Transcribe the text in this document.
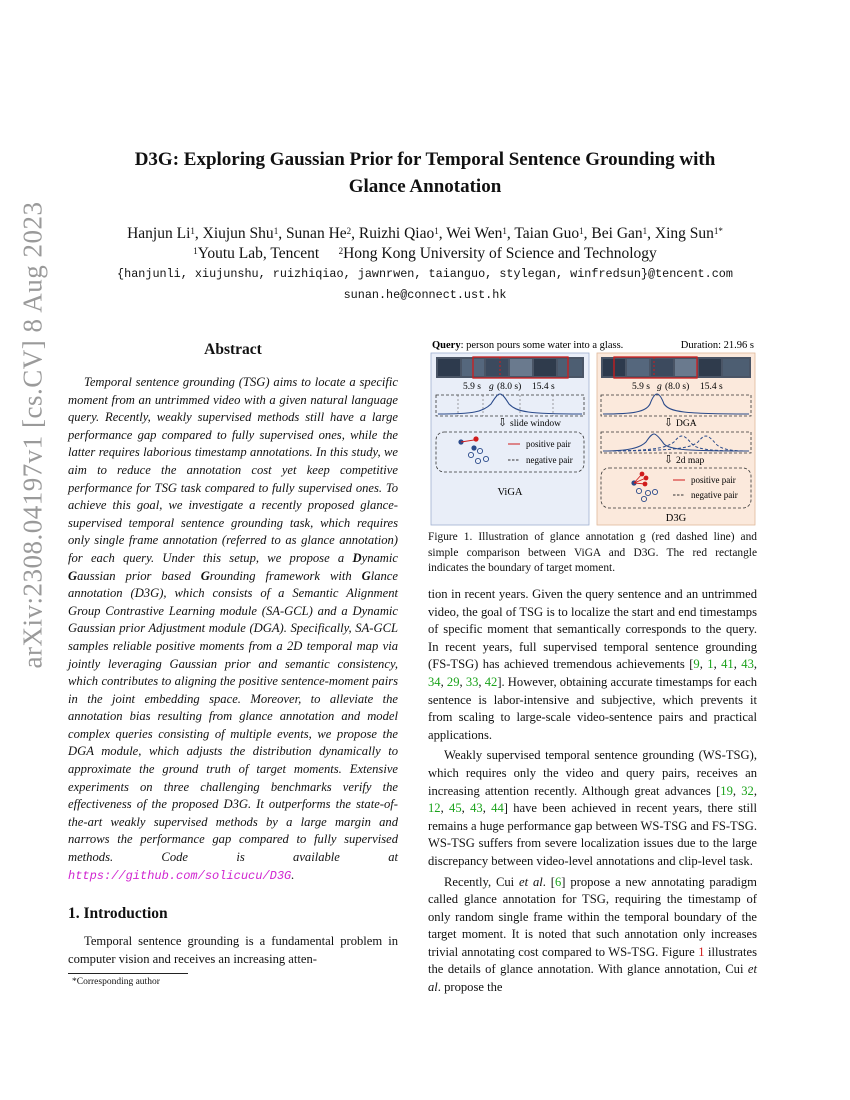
arXiv:2308.04197v1 [cs.CV] 8 Aug 2023
D3G: Exploring Gaussian Prior for Temporal Sentence Grounding with
Glance Annotation
Hanjun Li$^1$, Xiujun Shu$^1$, Sunan He$^2$, Ruizhi Qiao$^1$, Wei Wen$^1$, Taian Guo$^1$, Bei Gan$^1$, Xing Sun$^{1*}$
$^1$Youtu Lab, Tencent $^2$Hong Kong University of Science and Technology
{hanjunli, xiujunshu, ruizhiqiao, jawnrwen, taianguo, stylegan, winfredsun}@tencent.com
sunan.he@connect.ust.hk
Abstract
Temporal sentence grounding (TSG) aims to locate a specific moment from an untrimmed video with a given natural language query. Recently, weakly supervised methods still have a large performance gap compared to fully supervised ones, while the latter requires laborious timestamp annotations. In this study, we aim to reduce the annotation cost yet keep competitive performance for TSG task compared to fully supervised ones. To achieve this goal, we investigate a recently proposed glance-supervised temporal sentence grounding task, which requires only single frame annotation (referred to as glance annotation) for each query. Under this setup, we propose a Dynamic Gaussian prior based Grounding framework with Glance annotation (D3G), which consists of a Semantic Alignment Group Contrastive Learning module (SA-GCL) and a Dynamic Gaussian prior Adjustment module (DGA). Specifically, SA-GCL samples reliable positive moments from a 2D temporal map via jointly leveraging Gaussian prior and semantic consistency, which contributes to aligning the positive sentence-moment pairs in the joint embedding space. Moreover, to alleviate the annotation bias resulting from glance annotation and model complex queries consisting of multiple events, we propose the DGA module, which adjusts the distribution dynamically to approximate the ground truth of target moments. Extensive experiments on three challenging benchmarks verify the effectiveness of the proposed D3G. It outperforms the state-of-the-art weakly supervised methods by a large margin and narrows the performance gap compared to fully supervised methods. Code is available at https://github.com/solicucu/D3G.
1. Introduction
Temporal sentence grounding is a fundamental problem in computer vision and receives an increasing atten-
*Corresponding author
Query: person pours some water into a glass.	Duration: 21.96 s
5.9 s g (8.0 s) 15.4 s
⇩ slide window
positive pair
negative pair
ViGA
5.9 s g (8.0 s) 15.4 s
⇩ DGA
⇩ 2d map
positive pair
negative pair
D3G
Figure 1. Illustration of glance annotation g (red dashed line) and simple comparison between ViGA and D3G. The red rectangle indicates the boundary of target moment.
tion in recent years. Given the query sentence and an untrimmed video, the goal of TSG is to localize the start and end timestamps of specific moment that semantically corresponds to the query. In recent years, full supervised temporal sentence grounding (FS-TSG) has achieved tremendous achievements [9, 1, 41, 43, 34, 29, 33, 42]. However, obtaining accurate timestamps for each sentence is labor-intensive and subjective, which prevents it from scaling to large-scale video-sentence pairs and practical applications.
Weakly supervised temporal sentence grounding (WS-TSG), which requires only the video and query pairs, receives an increasing attention recently. Although great advances [19, 32, 12, 45, 43, 44] have been achieved in recent years, there still remains a huge performance gap between WS-TSG and FS-TSG. WS-TSG suffers from severe localization issues due to the large discrepancy between video-level annotations and clip-level task.
Recently, Cui et al. [6] propose a new annotating paradigm called glance annotation for TSG, requiring the timestamp of only random single frame within the temporal boundary of the target moment. It is noted that such annotation only increases trivial annotating cost compared to WS-TSG. Figure 1 illustrates the details of glance annotation. With glance annotation, Cui et al. propose the
